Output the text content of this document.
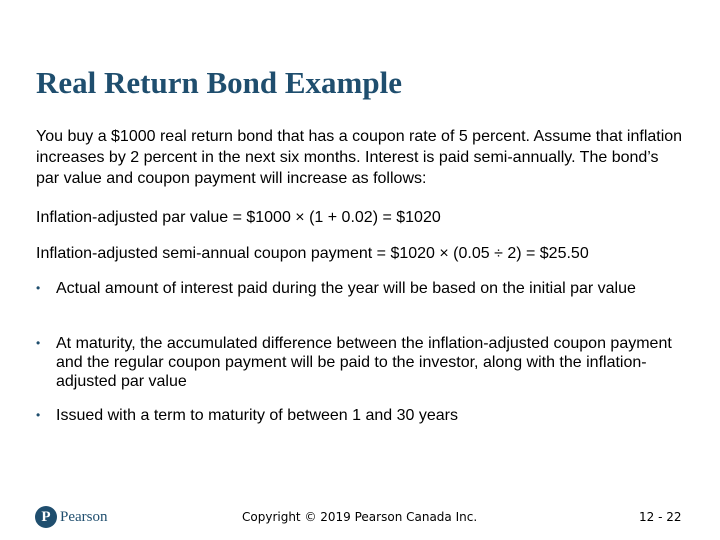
Real Return Bond Example

You buy a $1000 real return bond that has a coupon rate of 5 percent. Assume that inflation increases by 2 percent in the next six months. Interest is paid semi-annually. The bond’s par value and coupon payment will increase as follows:

Inflation-adjusted par value = $1000 × (1 + 0.02) = $1020

Inflation-adjusted semi-annual coupon payment = $1020 × (0.05 ÷ 2) = $25.50

• Actual amount of interest paid during the year will be based on the initial par value
• At maturity, the accumulated difference between the inflation-adjusted coupon payment and the regular coupon payment will be paid to the investor, along with the inflation-adjusted par value
• Issued with a term to maturity of between 1 and 30 years
P Pearson	Copyright © 2019 Pearson Canada Inc.	12 - 22
